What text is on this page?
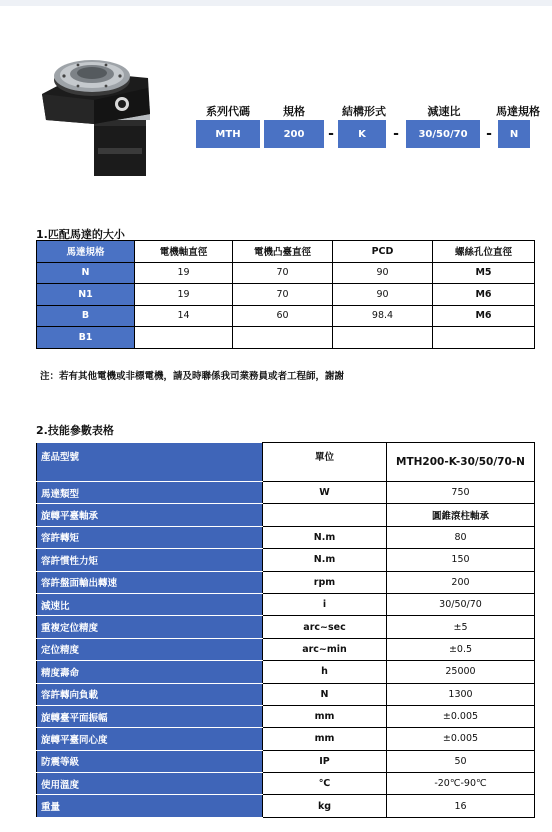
系列代碼	規格	結構形式	減速比	馬達規格
MTH	200	-	K	-	30/50/70	-	N
1.匹配馬達的大小
馬達規格	電機軸直徑	電機凸臺直徑	PCD	螺絲孔位直徑
N	19	70	90	M5
N1	19	70	90	M6
B	14	60	98.4	M6
B1				
注：若有其他電機或非標電機，請及時聯係我司業務員或者工程師，謝謝
2.技能參數表格
產品型號	單位	MTH200-K-30/50/70-N
馬達類型	W	750
旋轉平臺軸承		圓錐滾柱軸承
容許轉矩	N.m	80
容許慣性力矩	N.m	150
容許盤面輸出轉速	rpm	200
減速比	i	30/50/70
重複定位精度	arc~sec	±5
定位精度	arc~min	±0.5
精度壽命	h	25000
容許轉向負載	N	1300
旋轉臺平面振幅	mm	±0.005
旋轉平臺同心度	mm	±0.005
防震等級	IP	50
使用溫度	℃	-20℃-90℃
重量	kg	16
